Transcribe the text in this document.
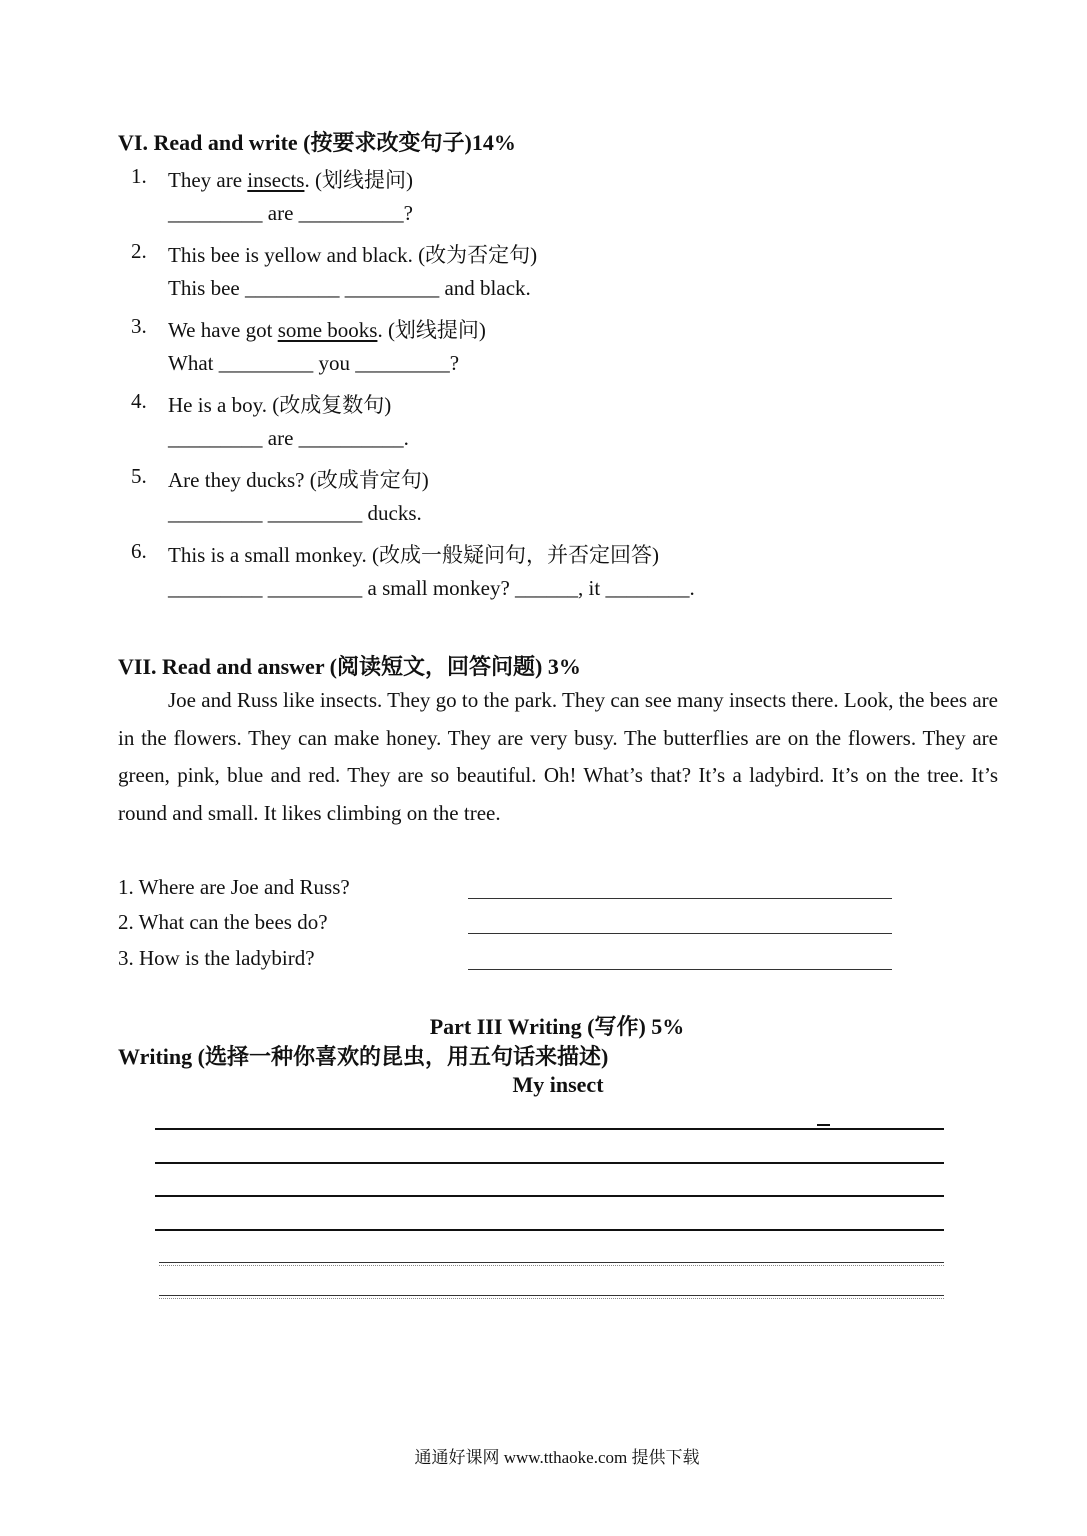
VI. Read and write (按要求改变句子)14%
1. They are insects. (划线提问)
_________ are __________?
2. This bee is yellow and black. (改为否定句)
This bee _________ _________ and black.
3. We have got some books. (划线提问)
What _________ you _________?
4. He is a boy. (改成复数句)
_________ are __________.
5. Are they ducks? (改成肯定句)
_________ _________ ducks.
6. This is a small monkey. (改成一般疑问句，并否定回答)
_________ _________ a small monkey? ______, it ________.
VII. Read and answer (阅读短文，回答问题) 3%
Joe and Russ like insects. They go to the park. They can see many insects there. Look, the bees are in the flowers. They can make honey. They are very busy. The butterflies are on the flowers. They are green, pink, blue and red. They are so beautiful. Oh! What’s that? It’s a ladybird. It’s on the tree. It’s round and small. It likes climbing on the tree.
1. Where are Joe and Russ?
2. What can the bees do?
3. How is the ladybird?
Part III Writing (写作) 5%
Writing (选择一种你喜欢的昆虫，用五句话来描述)
My insect
通通好课网 www.tthaoke.com 提供下载
